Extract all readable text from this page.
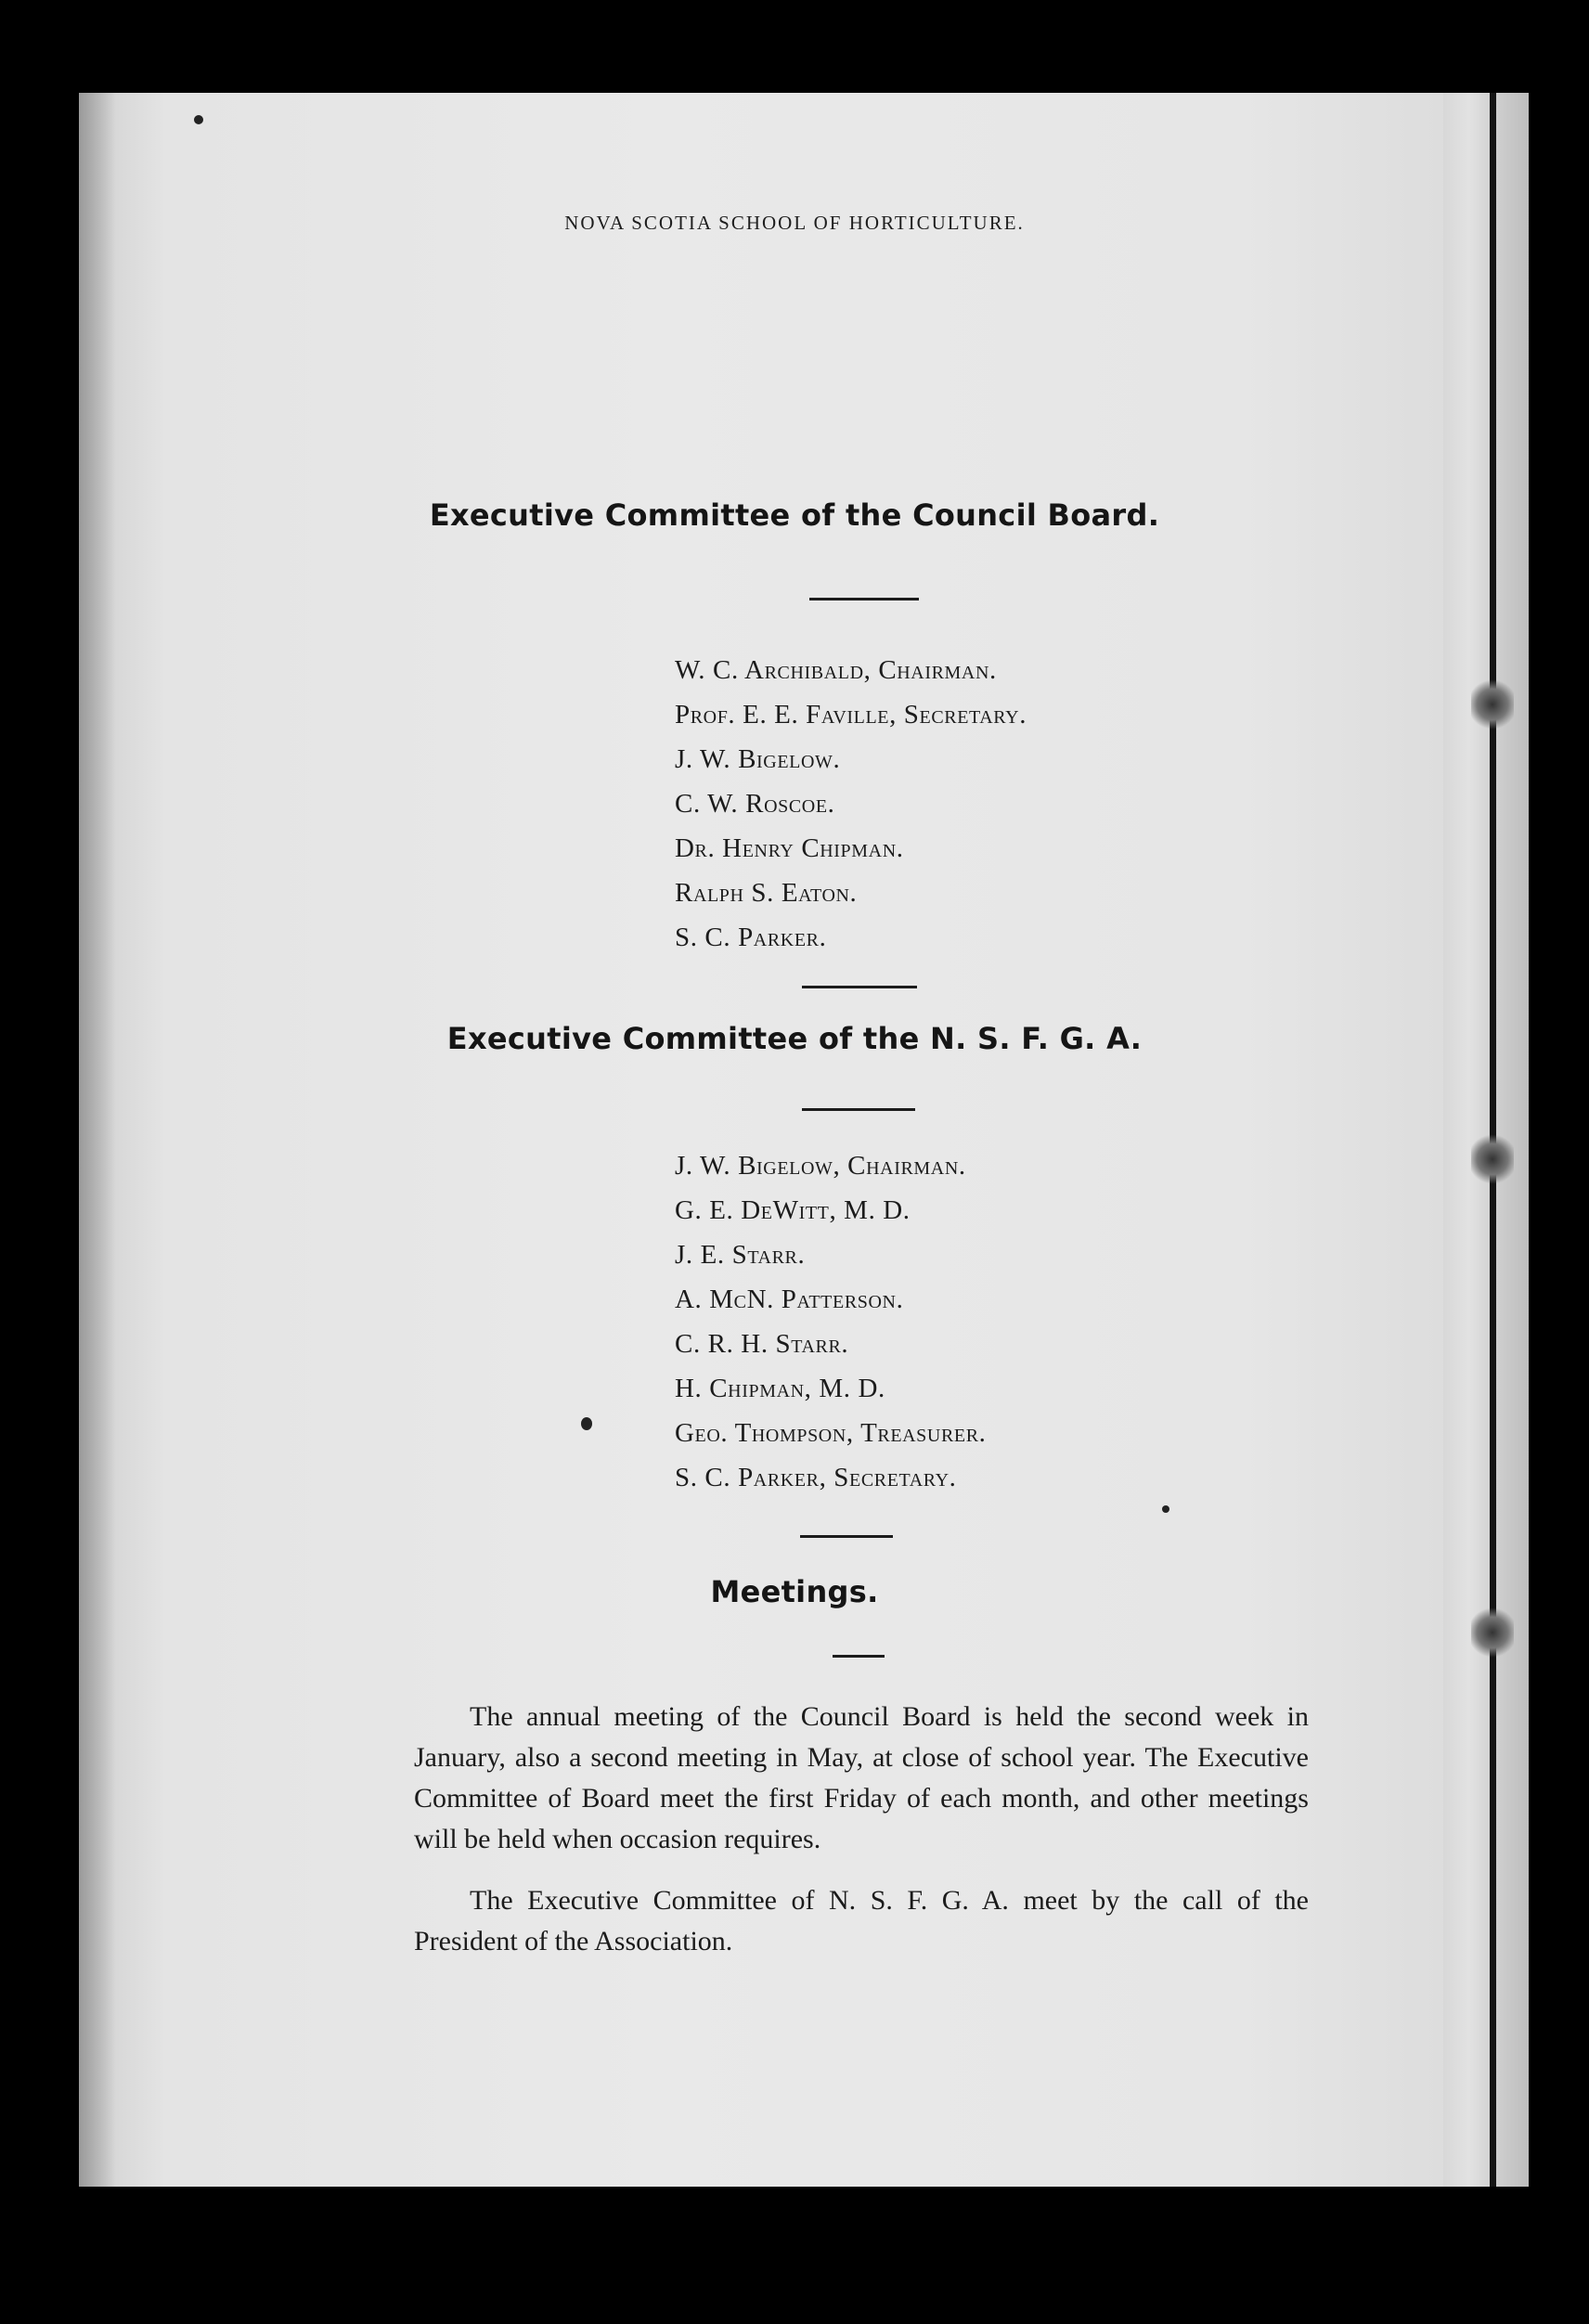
NOVA SCOTIA SCHOOL OF HORTICULTURE.
Executive Committee of the Council Board.
W. C. Archibald, Chairman.
Prof. E. E. Faville, Secretary.
J. W. Bigelow.
C. W. Roscoe.
Dr. Henry Chipman.
Ralph S. Eaton.
S. C. Parker.
Executive Committee of the N. S. F. G. A.
J. W. Bigelow, Chairman.
G. E. DeWitt, M. D.
J. E. Starr.
A. McN. Patterson.
C. R. H. Starr.
H. Chipman, M. D.
Geo. Thompson, Treasurer.
S. C. Parker, Secretary.
Meetings.

The annual meeting of the Council Board is held the second week in January, also a second meeting in May, at close of school year. The Executive Committee of Board meet the first Friday of each month, and other meetings will be held when occasion requires.

The Executive Committee of N. S. F. G. A. meet by the call of the President of the Association.
